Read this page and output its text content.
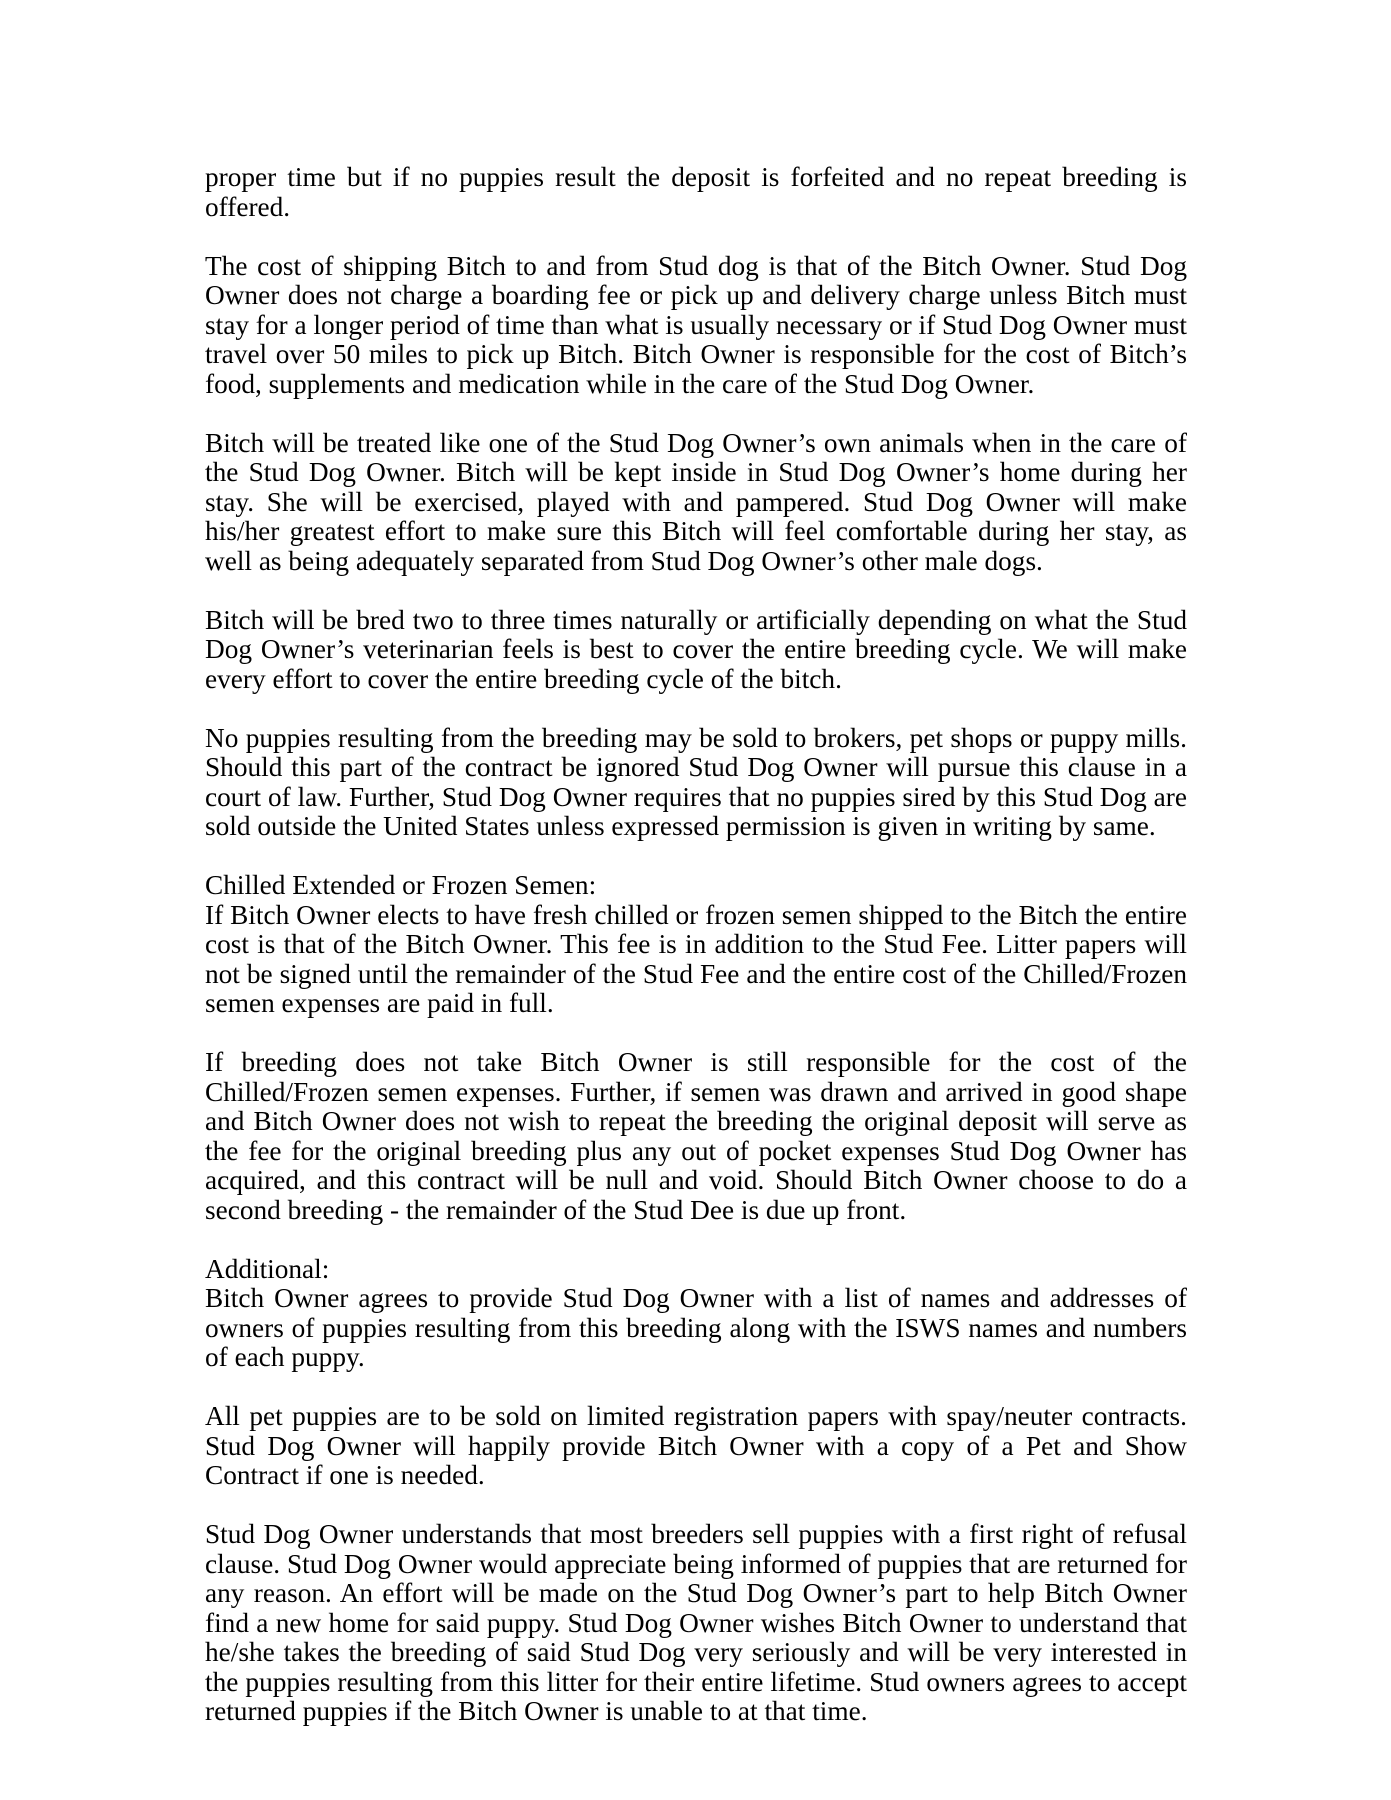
proper time but if no puppies result the deposit is forfeited and no repeat breeding is offered.

The cost of shipping Bitch to and from Stud dog is that of the Bitch Owner. Stud Dog Owner does not charge a boarding fee or pick up and delivery charge unless Bitch must stay for a longer period of time than what is usually necessary or if Stud Dog Owner must travel over 50 miles to pick up Bitch. Bitch Owner is responsible for the cost of Bitch’s food, supplements and medication while in the care of the Stud Dog Owner.

Bitch will be treated like one of the Stud Dog Owner’s own animals when in the care of the Stud Dog Owner. Bitch will be kept inside in Stud Dog Owner’s home during her stay. She will be exercised, played with and pampered. Stud Dog Owner will make his/her greatest effort to make sure this Bitch will feel comfortable during her stay, as well as being adequately separated from Stud Dog Owner’s other male dogs.

Bitch will be bred two to three times naturally or artificially depending on what the Stud Dog Owner’s veterinarian feels is best to cover the entire breeding cycle. We will make every effort to cover the entire breeding cycle of the bitch.

No puppies resulting from the breeding may be sold to brokers, pet shops or puppy mills. Should this part of the contract be ignored Stud Dog Owner will pursue this clause in a court of law. Further, Stud Dog Owner requires that no puppies sired by this Stud Dog are sold outside the United States unless expressed permission is given in writing by same.

Chilled Extended or Frozen Semen:
If Bitch Owner elects to have fresh chilled or frozen semen shipped to the Bitch the entire cost is that of the Bitch Owner. This fee is in addition to the Stud Fee. Litter papers will not be signed until the remainder of the Stud Fee and the entire cost of the Chilled/Frozen semen expenses are paid in full.

If breeding does not take Bitch Owner is still responsible for the cost of the Chilled/Frozen semen expenses. Further, if semen was drawn and arrived in good shape and Bitch Owner does not wish to repeat the breeding the original deposit will serve as the fee for the original breeding plus any out of pocket expenses Stud Dog Owner has acquired, and this contract will be null and void. Should Bitch Owner choose to do a second breeding - the remainder of the Stud Dee is due up front.

Additional:
Bitch Owner agrees to provide Stud Dog Owner with a list of names and addresses of owners of puppies resulting from this breeding along with the ISWS names and numbers of each puppy.

All pet puppies are to be sold on limited registration papers with spay/neuter contracts. Stud Dog Owner will happily provide Bitch Owner with a copy of a Pet and Show Contract if one is needed.

Stud Dog Owner understands that most breeders sell puppies with a first right of refusal clause. Stud Dog Owner would appreciate being informed of puppies that are returned for any reason. An effort will be made on the Stud Dog Owner’s part to help Bitch Owner find a new home for said puppy. Stud Dog Owner wishes Bitch Owner to understand that he/she takes the breeding of said Stud Dog very seriously and will be very interested in the puppies resulting from this litter for their entire lifetime. Stud owners agrees to accept returned puppies if the Bitch Owner is unable to at that time.
